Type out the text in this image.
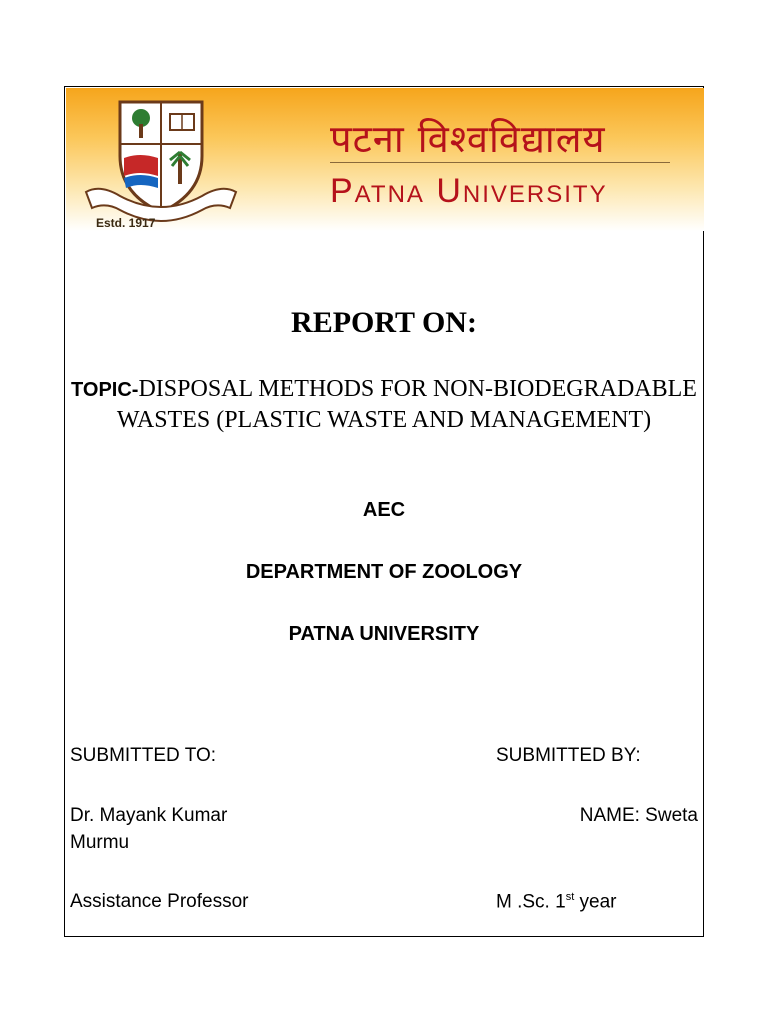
Estd. 1917
पटना विश्वविद्यालय
Patna University
REPORT ON:
TOPIC-DISPOSAL METHODS FOR NON-BIODEGRADABLE WASTES (PLASTIC WASTE AND MANAGEMENT)
AEC
DEPARTMENT OF ZOOLOGY
PATNA UNIVERSITY
SUBMITTED TO:	SUBMITTED BY:
Dr. Mayank Kumar
Murmu
NAME: Sweta
Assistance Professor	M .Sc. 1st year
